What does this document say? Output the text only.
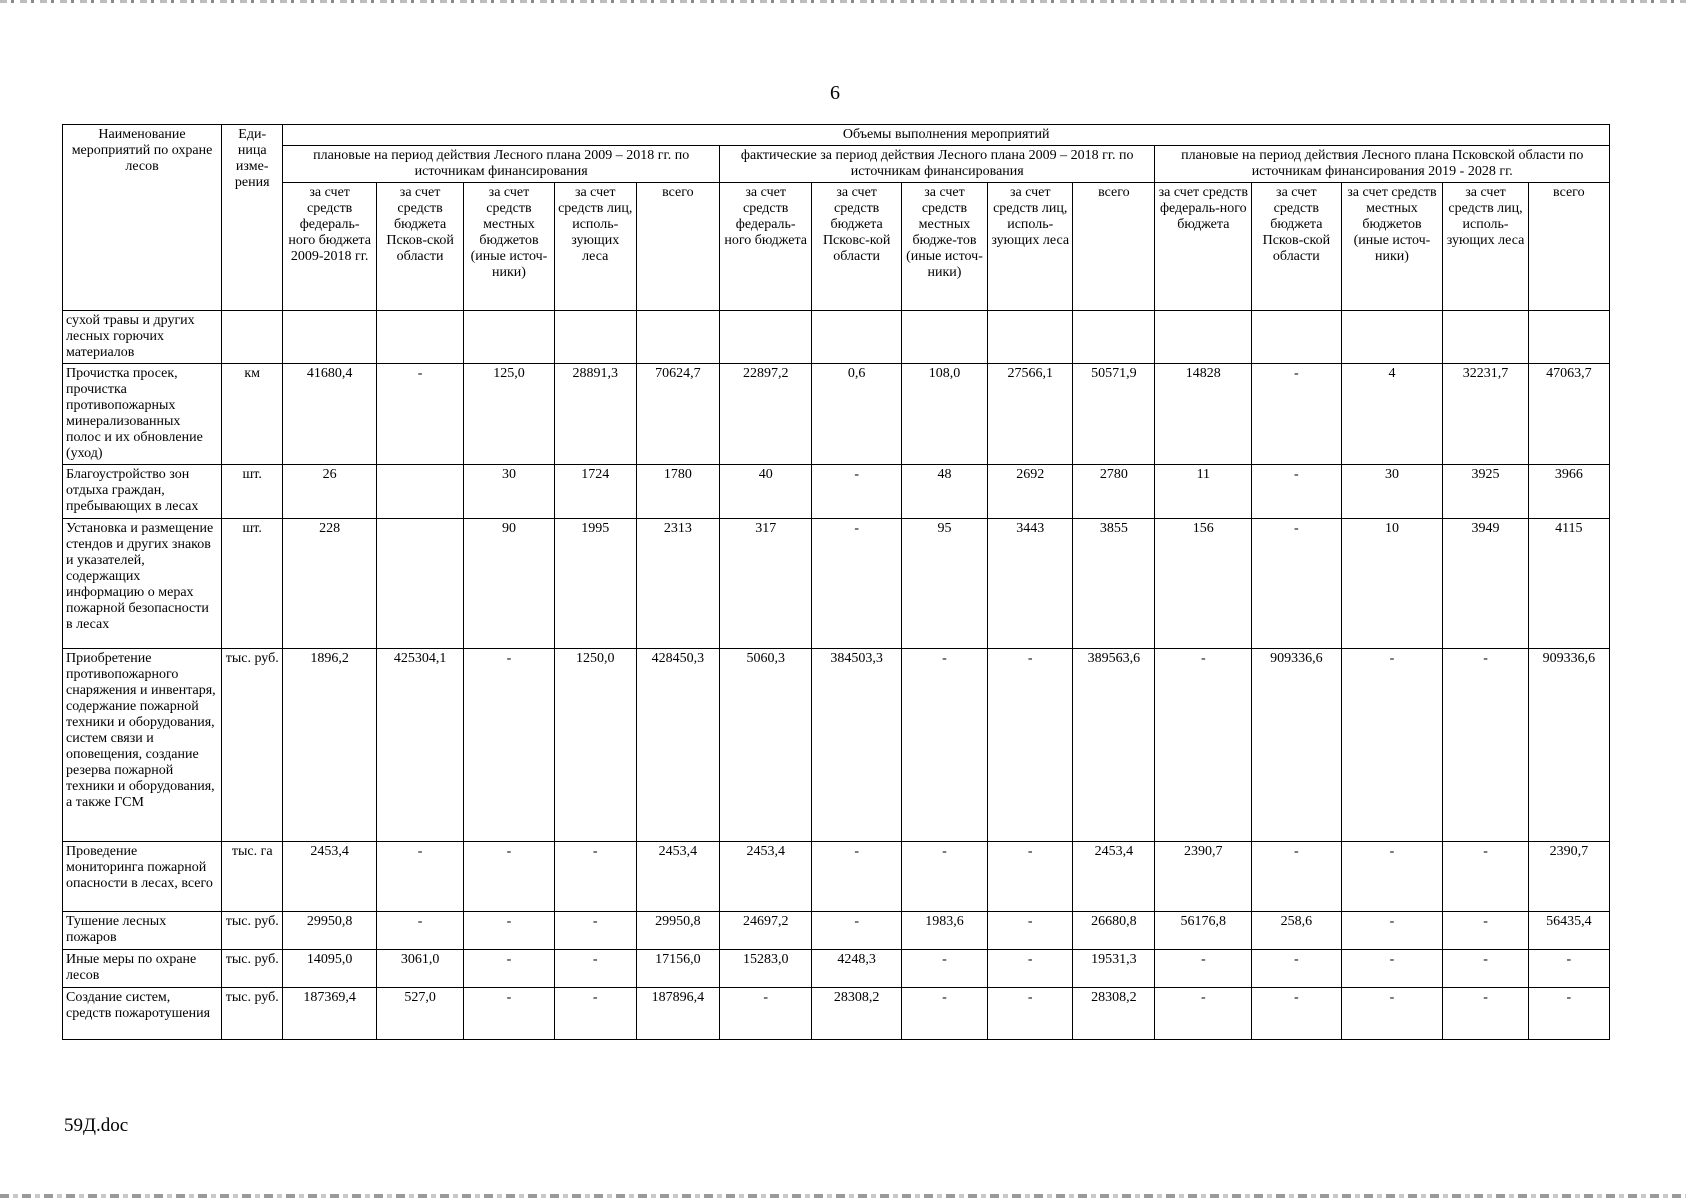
6
Наименование мероприятий по охране лесов	Еди-ница изме-рения	Объемы выполнения мероприятий														
		плановые на период действия Лесного плана 2009 – 2018 гг. по источникам финансирования					фактические за период действия Лесного плана 2009 – 2018 гг. по источникам финансирования					плановые на период действия Лесного плана Псковской области по источникам финансирования 2019 - 2028 гг.				
		за счет средств федераль-ного бюджета 2009-2018 гг.	за счет средств бюджета Псков-ской области	за счет средств местных бюджетов (иные источ-ники)	за счет средств лиц, исполь-зующих леса	всего	за счет средств федераль-ного бюджета	за счет средств бюджета Псковс-кой области	за счет средств местных бюдже-тов (иные источ-ники)	за счет средств лиц, исполь-зующих леса	всего	за счет средств федераль-ного бюджета	за счет средств бюджета Псков-ской области	за счет средств местных бюджетов (иные источ-ники)	за счет средств лиц, исполь-зующих леса	всего
сухой травы и других лесных горючих материалов																
Прочистка просек, прочистка противопожарных минерализованных полос и их обновление (уход)	км	41680,4	-	125,0	28891,3	70624,7	22897,2	0,6	108,0	27566,1	50571,9	14828	-	4	32231,7	47063,7
Благоустройство зон отдыха граждан, пребывающих в лесах	шт.	26		30	1724	1780	40	-	48	2692	2780	11	-	30	3925	3966
Установка и размещение стендов и других знаков и указателей, содержащих информацию о мерах пожарной безопасности в лесах	шт.	228		90	1995	2313	317	-	95	3443	3855	156	-	10	3949	4115
Приобретение противопожарного снаряжения и инвентаря, содержание пожарной техники и оборудования, систем связи и оповещения, создание резерва пожарной техники и оборудования, а также ГСМ	тыс. руб.	1896,2	425304,1	-	1250,0	428450,3	5060,3	384503,3	-	-	389563,6	-	909336,6	-	-	909336,6
Проведение мониторинга пожарной опасности в лесах, всего	тыс. га	2453,4	-	-	-	2453,4	2453,4	-	-	-	2453,4	2390,7	-	-	-	2390,7
Тушение лесных пожаров	тыс. руб.	29950,8	-	-	-	29950,8	24697,2	-	1983,6	-	26680,8	56176,8	258,6	-	-	56435,4
Иные меры по охране лесов	тыс. руб.	14095,0	3061,0	-	-	17156,0	15283,0	4248,3	-	-	19531,3	-	-	-	-	-
Создание систем, средств пожаротушения	тыс. руб.	187369,4	527,0	-	-	187896,4	-	28308,2	-	-	28308,2	-	-	-	-	-
59Д.doc
